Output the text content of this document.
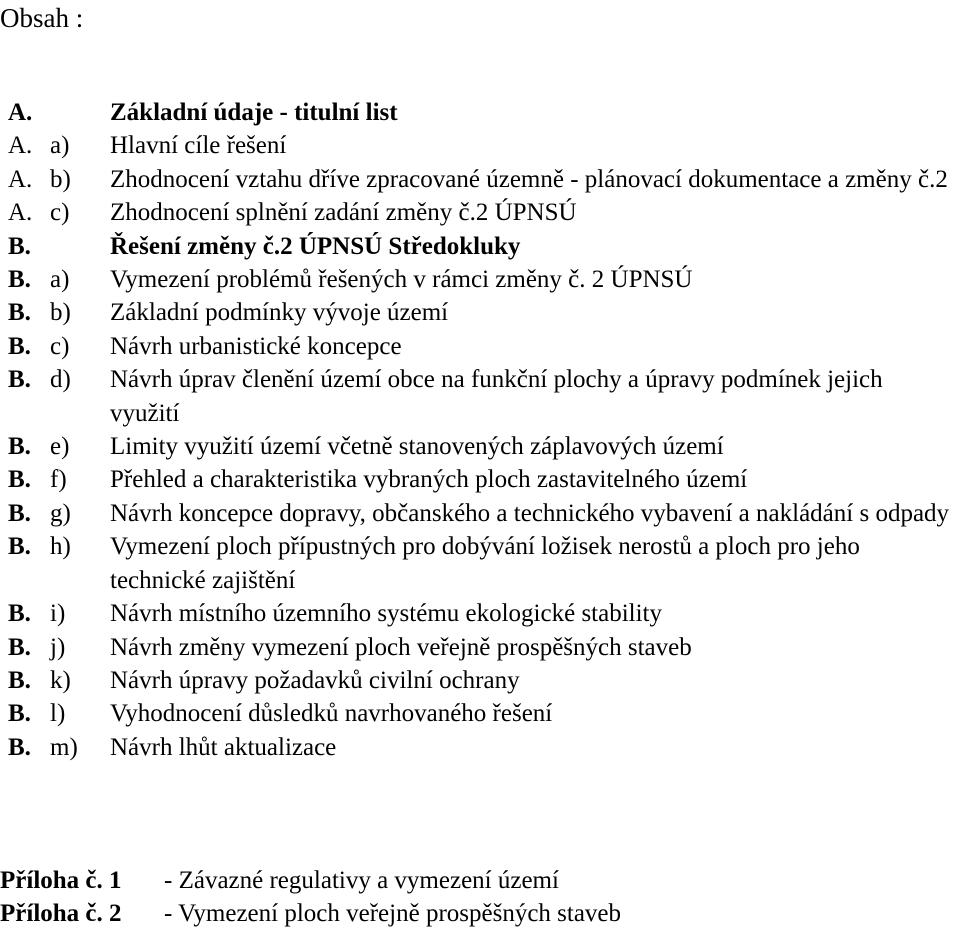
Obsah :
A.	Základní údaje - titulní list
A. a)	Hlavní cíle řešení
A. b)	Zhodnocení vztahu dříve zpracované územně - plánovací dokumentace a změny č.2
A. c)	Zhodnocení splnění zadání změny č.2 ÚPNSÚ
B.	Řešení změny č.2 ÚPNSÚ Středokluky
B. a)	Vymezení problémů řešených v rámci změny č. 2 ÚPNSÚ
B. b)	Základní podmínky vývoje území
B. c)	Návrh urbanistické koncepce
B. d)	Návrh úprav členění území obce na funkční plochy a úpravy podmínek jejich využití
B. e)	Limity využití území včetně stanovených záplavových území
B. f)	Přehled a charakteristika vybraných ploch zastavitelného území
B. g)	Návrh koncepce dopravy, občanského a technického vybavení a nakládání s odpady
B. h)	Vymezení ploch přípustných pro dobývání ložisek nerostů a ploch pro jeho technické zajištění
B. i)	Návrh místního územního systému ekologické stability
B. j)	Návrh změny vymezení ploch veřejně prospěšných staveb
B. k)	Návrh úpravy požadavků civilní ochrany
B. l)	Vyhodnocení důsledků navrhovaného řešení
B. m)	Návrh lhůt aktualizace
Příloha č. 1	- Závazné regulativy a vymezení území
Příloha č. 2	- Vymezení ploch veřejně prospěšných staveb
